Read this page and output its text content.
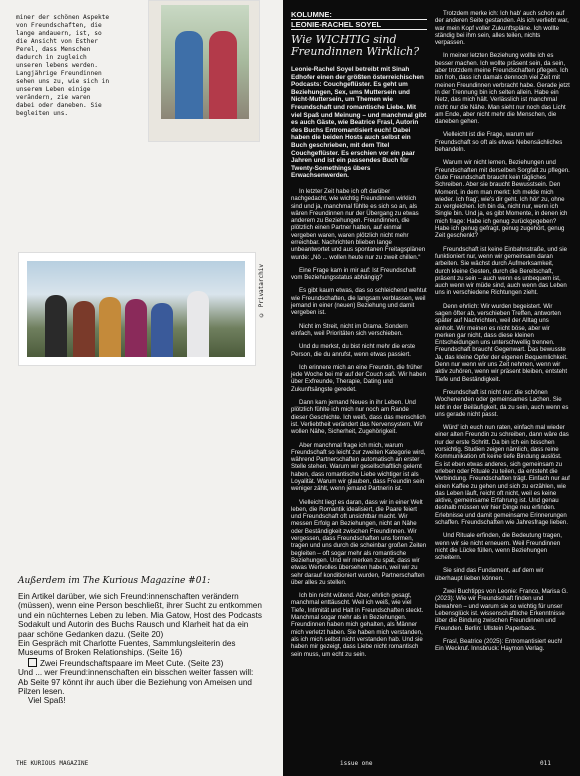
miner der schönen Aspekte von Freundschaften, die lange andauern, ist, so die Ansicht von Esther Perel, dass Menschen dadurch in zugleich unseren lebens werden. Langjährige Freundinnen sehen uns zu, wie sich in unserem Leben einige verändern, zie waren dabei oder daneben. Sie begleiten uns.

© Privatarchiv

Außerdem im The Kurious Magazine #01:

Ein Artikel darüber, wie sich Freund:innenschaften verändern (müssen), wenn eine Person beschließt, ihrer Sucht zu entkommen und ein nüchternes Leben zu leben. Mia Gatow, Host des Podcasts Sodakult und Autorin des Buchs Rausch und Klarheit hat da ein paar schöne Gedanken dazu. (Seite 20)

Ein Gespräch mit Charlotte Fuentes, Sammlungsleiterin des Museums of Broken Relationships. (Seite 16)

Zwei Freundschaftspaare im Meet Cute. (Seite 23)

Und ... wer Freund:innenschaften ein bisschen weiter fassen will: Ab Seite 97 könnt ihr auch über die Beziehung von Ameisen und Pilzen lesen.

Viel Spaß!

KOLUMNE:
LEONIE-RACHEL SOYEL
Wie WICHTIG sind Freundinnen Wirklich?
Leonie-Rachel Soyel betreibt mit Sinah Edhofer einen der größten österreichischen Podcasts: Couchgeflüster. Es geht um Beziehungen, Sex, ums Muttersein und Nicht-Muttersein, um Themen wie Freundschaft und romantische Liebe. Mit viel Spaß und Meinung – und manchmal gibt es auch Gäste, wie Beatrice Frasl, Autorin des Buchs Entromantisiert euch! Dabei haben die beiden Hosts auch selbst ein Buch geschrieben, mit dem Titel Couchgeflüster. Es erschien vor ein paar Jahren und ist ein passendes Buch für Twenty-Somethings übers Erwachsenwerden.

In letzter Zeit habe ich oft darüber nachgedacht, wie wichtig Freundinnen wirklich sind und ja, manchmal fühlte es sich so an, als wären Freundinnen nur der Übergang zu etwas anderem zu Beziehungen. Freundinnen, die plötzlich einen Partner hatten, auf einmal vergeben waren, waren plötzlich nicht mehr erreichbar. Nachrichten blieben lange unbeantwortet und aus spontanen Freitagsplänen wurde: „Nö ... wollen heute nur zu zweit chillen.“

Eine Frage kam in mir auf: Ist Freundschaft vom Beziehungsstatus abhängig?

Es gibt kaum etwas, das so schleichend wehtut wie Freundschaften, die langsam verblassen, weil jemand in einer (neuen) Beziehung und damit vergeben ist.

Nicht im Streit, nicht im Drama. Sondern einfach, weil Prioritäten sich verschieben.

Und du merkst, du bist nicht mehr die erste Person, die du anrufst, wenn etwas passiert.

Ich erinnere mich an eine Freundin, die früher jede Woche bei mir auf der Couch saß. Wir haben über Exfreunde, Therapie, Dating und Zukunftsängste geredet.

Dann kam jemand Neues in ihr Leben. Und plötzlich fühlte ich mich nur noch am Rande dieser Geschichte. Ich weiß, dass das menschlich ist. Verliebtheit verändert das Nervensystem. Wir wollen Nähe, Sicherheit, Zugehörigkeit.

Aber manchmal frage ich mich, warum Freundschaft so leicht zur zweiten Kategorie wird, während Partnerschaften automatisch an erster Stelle stehen. Warum wir gesellschaftlich gelernt haben, dass romantische Liebe wichtiger ist als Loyalität. Warum wir glauben, dass Freundin sein weniger zählt, wenn jemand Partnerin ist.

Vielleicht liegt es daran, dass wir in einer Welt leben, die Romantik idealisiert, die Paare feiert und Freundschaft oft unsichtbar macht. Wir messen Erfolg an Beziehungen, nicht an Nähe oder Beständigkeit zwischen Freundinnen. Wir vergessen, dass Freundschaften uns formen, tragen und uns durch die scheinbar großen Zeiten begleiten – oft sogar mehr als romantische Beziehungen. Und wir merken zu spät, dass wir etwas Wertvolles übersehen haben, weil wir zu sehr darauf konditioniert wurden, Partnerschaften über alles zu stellen.

Ich bin nicht wütend. Aber, ehrlich gesagt, manchmal enttäuscht. Weil ich weiß, wie viel Tiefe, Intimität und Halt in Freundschaften steckt. Manchmal sogar mehr als in Beziehungen. Freundinnen haben mich gehalten, als Männer mich verletzt haben. Sie haben mich verstanden, als ich mich selbst nicht verstanden hab. Und sie haben mir gezeigt, dass Liebe nicht romantisch sein muss, um echt zu sein.

Trotzdem merke ich: Ich hab' auch schon auf der anderen Seite gestanden. Als ich verliebt war, war mein Kopf voller Zukunftspläne. Ich wollte ständig bei ihm sein, alles teilen, nichts verpassen.

In meiner letzten Beziehung wollte ich es besser machen. Ich wollte präsent sein, da sein, aber trotzdem meine Freundschaften pflegen. Ich bin froh, dass ich damals dennoch viel Zeit mit meinen Freundinnen verbracht habe. Gerade jetzt in der Trennung bin ich selten allein. Habe ein Netz, das mich hält. Verlässlich ist manchmal nicht nur die Nähe. Man sieht nur noch das Licht am Ende, aber nicht mehr die Menschen, die daneben gehen.

Vielleicht ist die Frage, warum wir Freundschaft so oft als etwas Nebensächliches behandeln.

Warum wir nicht lernen, Beziehungen und Freundschaften mit derselben Sorgfalt zu pflegen. Gute Freundschaft braucht kein tägliches Schreiben. Aber sie braucht Bewusstsein. Den Moment, in dem man merkt: Ich melde mich wieder. Ich frag', wie's dir geht. Ich hör' zu, ohne zu vergleichen. Ich bin da, nicht nur, wenn ich Single bin. Und ja, es gibt Momente, in denen ich mich frage: Habe ich genug zurückgegeben? Habe ich genug gefragt, genug zugehört, genug Zeit geschenkt?

Freundschaft ist keine Einbahnstraße, und sie funktioniert nur, wenn wir gemeinsam daran arbeiten. Sie wächst durch Aufmerksamkeit, durch kleine Gesten, durch die Bereitschaft, präsent zu sein – auch wenn es unbequem ist, auch wenn wir müde sind, auch wenn das Leben uns in verschiedene Richtungen zieht.

Denn ehrlich: Wir wurden begeistert. Wir sagen öfter ab, verschieben Treffen, antworten später auf Nachrichten, weil der Alltag uns einholt. Wir meinen es nicht böse, aber wir merken gar nicht, dass diese kleinen Entscheidungen uns unterschwellig trennen. Freundschaft braucht Gegenwart. Das bewusste Ja, das kleine Opfer der eigenen Bequemlichkeit. Denn nur wenn wir uns Zeit nehmen, wenn wir aktiv zuhören, wenn wir präsent bleiben, entsteht Tiefe und Beständigkeit.

Freundschaft ist nicht nur: die schönen Wochenenden oder gemeinsames Lachen. Sie lebt in der Beiläufigkeit, da zu sein, auch wenn es uns gerade nicht passt.

Würd' ich euch nun raten, einfach mal wieder einer alten Freundin zu schreiben, dann wäre das nur der erste Schritt. Da bin ich ein bisschen vorsichtig. Studien zeigen nämlich, dass reine Kommunikation oft keine tiefe Bindung auslöst. Es ist eben etwas anderes, sich gemeinsam zu erleben oder Rituale zu teilen, da entsteht die Verbindung. Freundschaften trägt. Einfach nur auf einen Kaffee zu gehen und sich zu erzählen, wie das Leben läuft, reicht oft nicht, weil es keine aktive, gemeinsame Erfahrung ist. Und genau deshalb müssen wir hier Dinge neu erfinden. Erlebnisse und damit gemeinsame Erinnerungen schaffen. Freundschaften wie Jahresfrage lieben.

Und Rituale erfinden, die Bedeutung tragen, wenn wir sie nicht erneuern. Weil Freundinnen nicht die Lücke füllen, wenn Beziehungen scheitern.

Sie sind das Fundament, auf dem wir überhaupt lieben können.

Zwei Buchtipps von Leonie: Franco, Marisa G. (2023): Wie wir Freundschaft finden und bewahren – und warum sie so wichtig für unser Lebensglück ist. wissenschaftliche Erkenntnisse über die Bindung zwischen Freundinnen und Freunden. Berlin: Ullstein Paperback.

Frasl, Beatrice (2025): Entromantisiert euch! Ein Weckruf. Innsbruck: Haymon Verlag.

THE KURIOUS MAGAZINE	issue one	011
